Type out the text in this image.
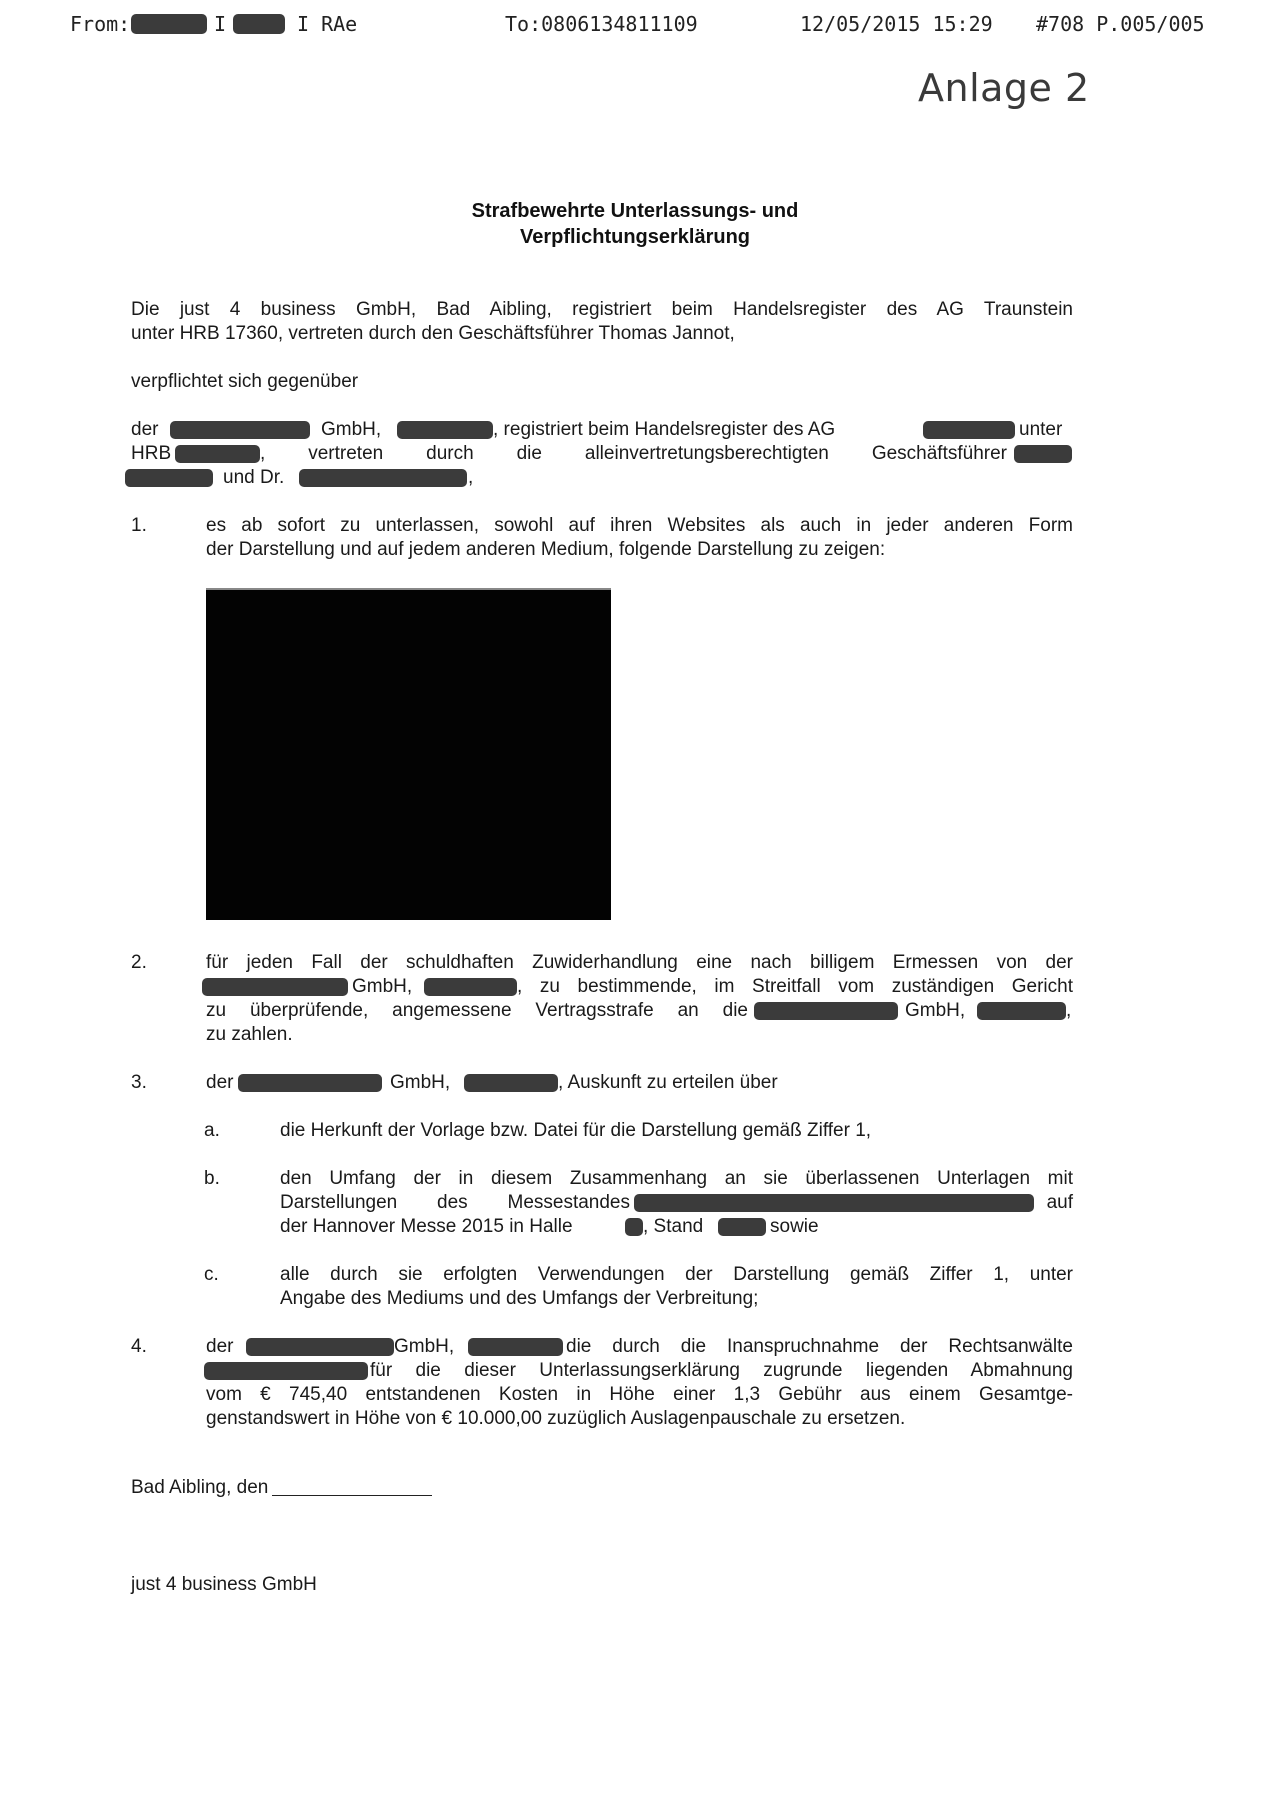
From:	I	I RAe	To:0806134811109	12/05/2015 15:29 #708 P.005/005
Anlage 2
Strafbewehrte Unterlassungs- und
Verpflichtungserklärung
Die just 4 business GmbH, Bad Aibling, registriert beim Handelsregister des AG Traunstein
unter HRB 17360, vertreten durch den Geschäftsführer Thomas Jannot,
verpflichtet sich gegenüber
der	GmbH,	, registriert beim Handelsregister des AG	unter
HRB	, vertreten durch die alleinvertretungsberechtigten Geschäftsführer
und Dr.	,
1.	es ab sofort zu unterlassen, sowohl auf ihren Websites als auch in jeder anderen Form
der Darstellung und auf jedem anderen Medium, folgende Darstellung zu zeigen:
2.	für jeden Fall der schuldhaften Zuwiderhandlung eine nach billigem Ermessen von der
GmbH,	, zu bestimmende, im Streitfall vom zuständigen Gericht
zu überprüfende, angemessene Vertragsstrafe an die	GmbH,	,
zu zahlen.
3.	der	GmbH,	, Auskunft zu erteilen über
a.	die Herkunft der Vorlage bzw. Datei für die Darstellung gemäß Ziffer 1,
b.	den Umfang der in diesem Zusammenhang an sie überlassenen Unterlagen mit
Darstellungen des Messestandes	auf
der Hannover Messe 2015 in Halle	, Stand	sowie
c.	alle durch sie erfolgten Verwendungen der Darstellung gemäß Ziffer 1, unter
Angabe des Mediums und des Umfangs der Verbreitung;
4.	der	GmbH,	die durch die Inanspruchnahme der Rechtsanwälte
für die dieser Unterlassungserklärung zugrunde liegenden Abmahnung
vom € 745,40 entstandenen Kosten in Höhe einer 1,3 Gebühr aus einem Gesamtge-
genstandswert in Höhe von € 10.000,00 zuzüglich Auslagenpauschale zu ersetzen.
Bad Aibling, den
just 4 business GmbH
